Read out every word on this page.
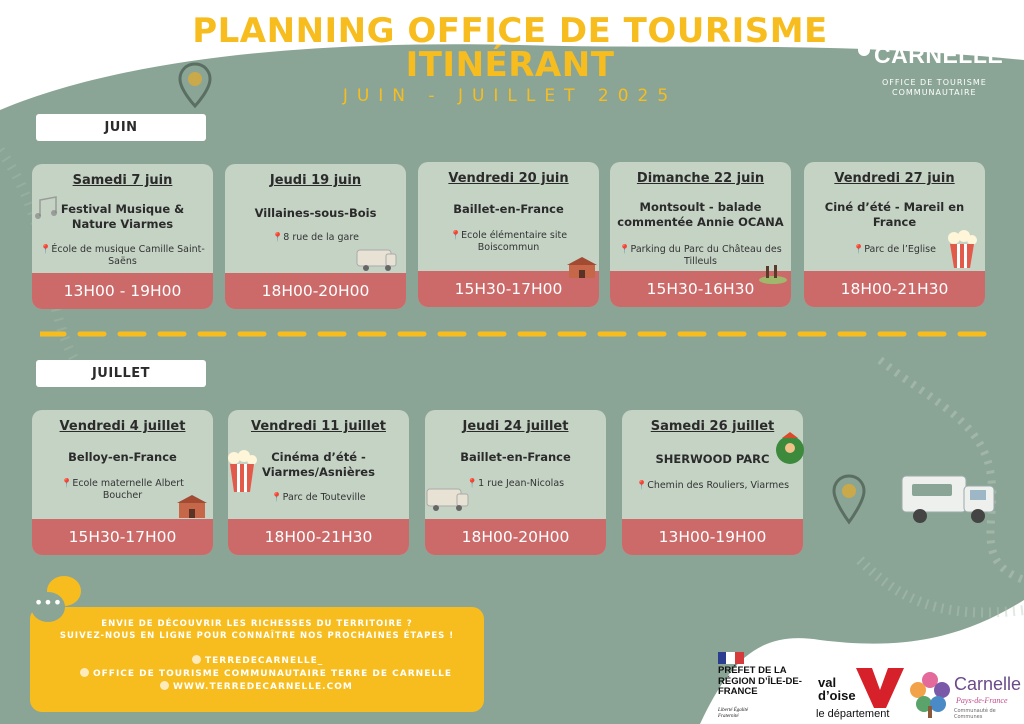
PLANNING OFFICE DE TOURISME ITINÉRANT
JUIN - JUILLET 2025
terre de
CARNELLE
OFFICE DE TOURISME
COMMUNAUTAIRE
JUIN
Samedi 7 juin
Festival Musique & Nature Viarmes
📍École de musique Camille Saint-Saëns
13H00 - 19H00
Jeudi 19 juin
Villaines-sous-Bois
📍8 rue de la gare
18H00-20H00
Vendredi 20 juin
Baillet-en-France
📍Ecole élémentaire site Boiscommun
15H30-17H00
Dimanche 22 juin
Montsoult - balade commentée Annie OCANA
📍Parking du Parc du Château des Tilleuls
15H30-16H30
Vendredi 27 juin
Ciné d’été - Mareil en France
📍Parc de l’Eglise
18H00-21H30
JUILLET
Vendredi 4 juillet
Belloy-en-France
📍Ecole maternelle Albert Boucher
15H30-17H00
Vendredi 11 juillet
Cinéma d’été - Viarmes/Asnières
📍Parc de Touteville
18H00-21H30
Jeudi 24 juillet
Baillet-en-France
📍1 rue Jean-Nicolas
18H00-20H00
Samedi 26 juillet
SHERWOOD PARC
📍Chemin des Rouliers, Viarmes
13H00-19H00
•••
ENVIE DE DÉCOUVRIR LES RICHESSES DU TERRITOIRE ?
SUIVEZ-NOUS EN LIGNE POUR CONNAÎTRE NOS PROCHAINES ÉTAPES !
TERREDECARNELLE_
OFFICE DE TOURISME COMMUNAUTAIRE TERRE DE CARNELLE
WWW.TERREDECARNELLE.COM
PRÉFET DE LA RÉGION D’ÎLE-DE-FRANCE
Liberté Égalité Fraternité
val d’oise
le département
Carnelle
Pays-de-France
Communauté de Communes
